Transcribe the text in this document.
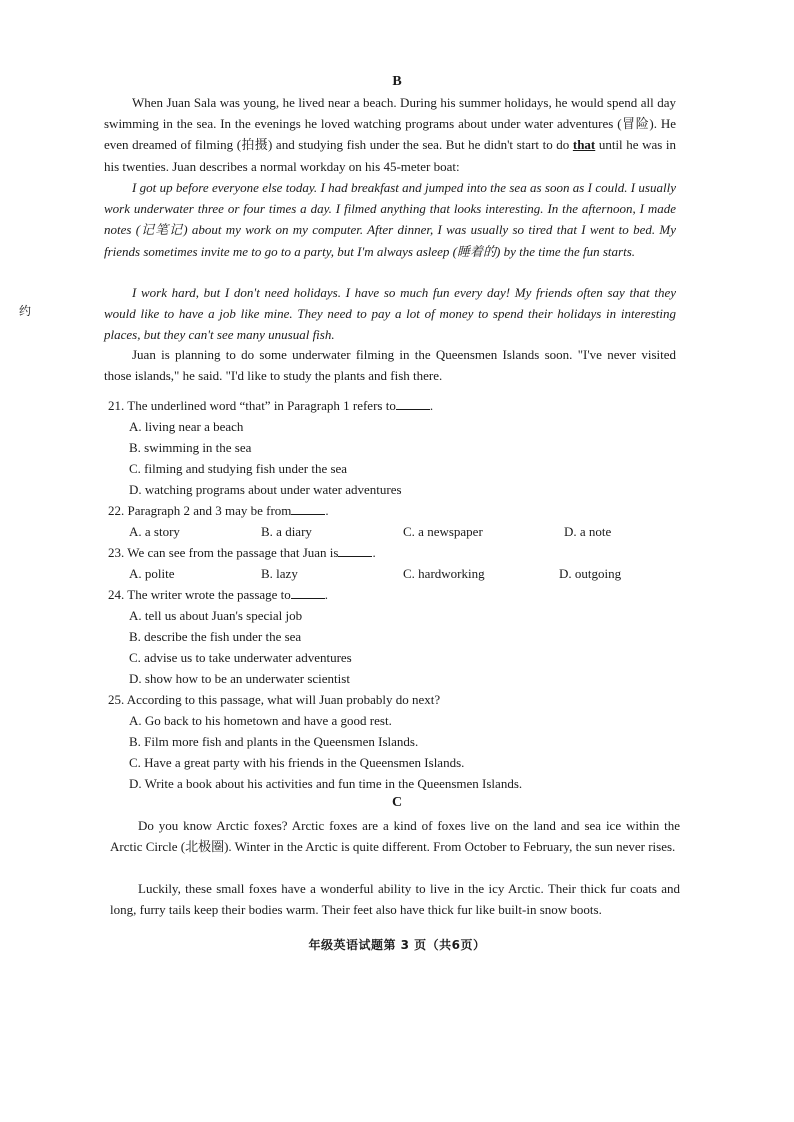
B

When Juan Sala was young, he lived near a beach. During his summer holidays, he would spend all day swimming in the sea. In the evenings he loved watching programs about under water adventures (冒险). He even dreamed of filming (拍摄) and studying fish under the sea. But he didn't start to do that until he was in his twenties. Juan describes a normal workday on his 45-meter boat:

I got up before everyone else today. I had breakfast and jumped into the sea as soon as I could. I usually work underwater three or four times a day. I filmed anything that looks interesting. In the afternoon, I made notes (记笔记) about my work on my computer. After dinner, I was usually so tired that I went to bed. My friends sometimes invite me to go to a party, but I'm always asleep (睡着的) by the time the fun starts.

I work hard, but I don't need holidays. I have so much fun every day! My friends often say that they would like to have a job like mine. They need to pay a lot of money to spend their holidays in interesting places, but they can't see many unusual fish.

Juan is planning to do some underwater filming in the Queensmen Islands soon. "I've never visited those islands," he said. "I'd like to study the plants and fish there.

约
21. The underlined word “that” in Paragraph 1 refers to	.
A. living near a beach
B. swimming in the sea
C. filming and studying fish under the sea
D. watching programs about under water adventures
22. Paragraph 2 and 3 may be from	.
A. a story	B. a diary	C. a newspaper	D. a note
23. We can see from the passage that Juan is	.
A. polite	B. lazy	C. hardworking	D. outgoing
24. The writer wrote the passage to	.
A. tell us about Juan's special job
B. describe the fish under the sea
C. advise us to take underwater adventures
D. show how to be an underwater scientist
25. According to this passage, what will Juan probably do next?
A. Go back to his hometown and have a good rest.
B. Film more fish and plants in the Queensmen Islands.
C. Have a great party with his friends in the Queensmen Islands.
D. Write a book about his activities and fun time in the Queensmen Islands.
C

Do you know Arctic foxes? Arctic foxes are a kind of foxes live on the land and sea ice within the Arctic Circle (北极圈). Winter in the Arctic is quite different. From October to February, the sun never rises.

Luckily, these small foxes have a wonderful ability to live in the icy Arctic. Their thick fur coats and long, furry tails keep their bodies warm. Their feet also have thick fur like built-in snow boots.

年级英语试题第 3 页（共6页）
